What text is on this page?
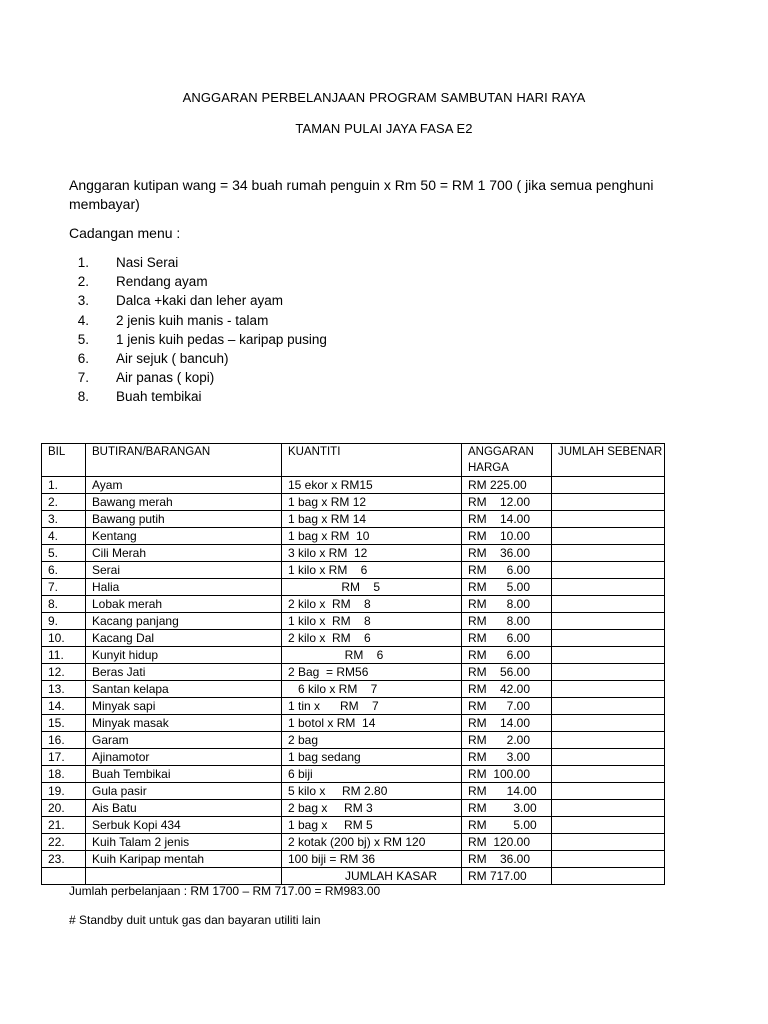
ANGGARAN PERBELANJAAN PROGRAM SAMBUTAN HARI RAYA
TAMAN PULAI JAYA FASA E2
Anggaran kutipan wang = 34 buah rumah penguin x Rm 50 = RM 1 700 ( jika semua penghuni membayar)
Cadangan menu :
1. Nasi Serai
2. Rendang ayam
3. Dalca +kaki dan leher ayam
4. 2 jenis kuih manis - talam
5. 1 jenis kuih pedas – karipap pusing
6. Air sejuk ( bancuh)
7. Air panas ( kopi)
8. Buah tembikai
BIL	BUTIRAN/BARANGAN	KUANTITI	ANGGARAN HARGA	JUMLAH SEBENAR
1.	Ayam	15 ekor x RM15	RM 225.00	
2.	Bawang merah	1 bag x RM 12	RM    12.00	
3.	Bawang putih	1 bag x RM 14	RM    14.00	
4.	Kentang	1 bag x RM  10	RM    10.00	
5.	Cili Merah	3 kilo x RM  12	RM    36.00	
6.	Serai	1 kilo x RM    6	RM      6.00	
7.	Halia	RM    5	RM      5.00	
8.	Lobak merah	2 kilo x  RM    8	RM      8.00	
9.	Kacang panjang	1 kilo x  RM    8	RM      8.00	
10.	Kacang Dal	2 kilo x  RM    6	RM      6.00	
11.	Kunyit hidup	RM    6	RM      6.00	
12.	Beras Jati	2 Bag  = RM56	RM    56.00	
13.	Santan kelapa	6 kilo x RM    7	RM    42.00	
14.	Minyak sapi	1 tin x      RM    7	RM      7.00	
15.	Minyak masak	1 botol x RM  14	RM    14.00	
16.	Garam	2 bag	RM      2.00	
17.	Ajinamotor	1 bag sedang	RM      3.00	
18.	Buah Tembikai	6 biji	RM  100.00	
19.	Gula pasir	5 kilo x     RM 2.80	RM      14.00	
20.	Ais Batu	2 bag x     RM 3	RM        3.00	
21.	Serbuk Kopi 434	1 bag x     RM 5	RM        5.00	
22.	Kuih Talam 2 jenis	2 kotak (200 bj) x RM 120	RM  120.00	
23.	Kuih Karipap mentah	100 biji = RM 36	RM    36.00	
		JUMLAH KASAR	RM 717.00	
Jumlah perbelanjaan : RM 1700 – RM 717.00 = RM983.00
# Standby duit untuk gas dan bayaran utiliti lain
